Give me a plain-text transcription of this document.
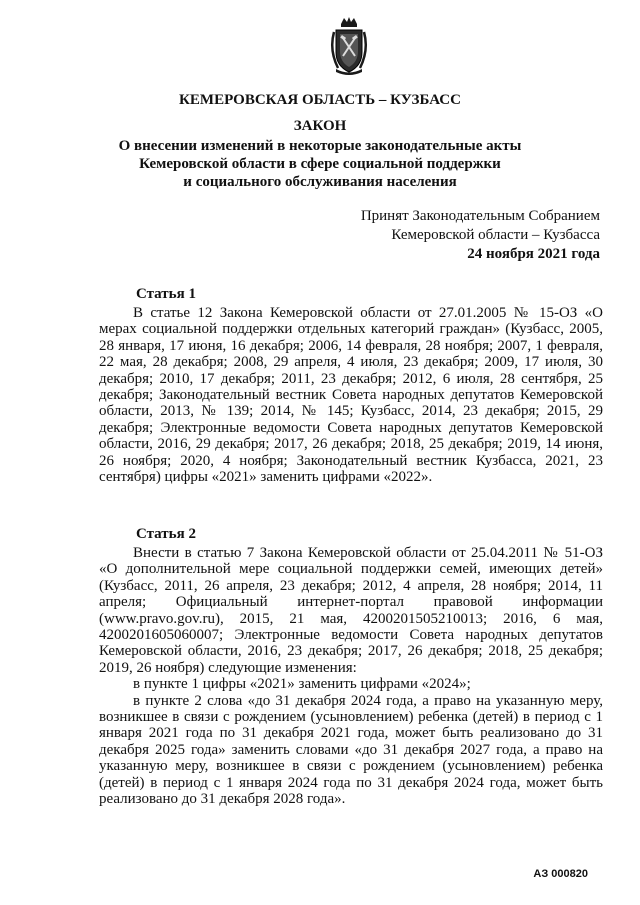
КЕМЕРОВСКАЯ ОБЛАСТЬ – КУЗБАСС
ЗАКОН
О внесении изменений в некоторые законодательные акты
Кемеровской области в сфере социальной поддержки
и социального обслуживания населения
Принят Законодательным Собранием
Кемеровской области – Кузбасса
24 ноября 2021 года
Статья 1

В статье 12 Закона Кемеровской области от 27.01.2005 № 15-ОЗ «О мерах социальной поддержки отдельных категорий граждан» (Кузбасс, 2005, 28 января, 17 июня, 16 декабря; 2006, 14 февраля, 28 ноября; 2007, 1 февраля, 22 мая, 28 декабря; 2008, 29 апреля, 4 июля, 23 декабря; 2009, 17 июля, 30 декабря; 2010, 17 декабря; 2011, 23 декабря; 2012, 6 июля, 28 сентября, 25 декабря; Законодательный вестник Совета народных депутатов Кемеровской области, 2013, № 139; 2014, № 145; Кузбасс, 2014, 23 декабря; 2015, 29 декабря; Электронные ведомости Совета народных депутатов Кемеровской области, 2016, 29 декабря; 2017, 26 декабря; 2018, 25 декабря; 2019, 14 июня, 26 ноября; 2020, 4 ноября; Законодательный вестник Кузбасса, 2021, 23 сентября) цифры «2021» заменить цифрами «2022».

Статья 2

Внести в статью 7 Закона Кемеровской области от 25.04.2011 № 51-ОЗ «О дополнительной мере социальной поддержки семей, имеющих детей» (Кузбасс, 2011, 26 апреля, 23 декабря; 2012, 4 апреля, 28 ноября; 2014, 11 апреля; Официальный интернет-портал правовой информации (www.pravo.gov.ru), 2015, 21 мая, 4200201505210013; 2016, 6 мая, 4200201605060007; Электронные ведомости Совета народных депутатов Кемеровской области, 2016, 23 декабря; 2017, 26 декабря; 2018, 25 декабря; 2019, 26 ноября) следующие изменения:

в пункте 1 цифры «2021» заменить цифрами «2024»;

в пункте 2 слова «до 31 декабря 2024 года, а право на указанную меру, возникшее в связи с рождением (усыновлением) ребенка (детей) в период с 1 января 2021 года по 31 декабря 2021 года, может быть реализовано до 31 декабря 2025 года» заменить словами «до 31 декабря 2027 года, а право на указанную меру, возникшее в связи с рождением (усыновлением) ребенка (детей) в период с 1 января 2024 года по 31 декабря 2024 года, может быть реализовано до 31 декабря 2028 года».

АЗ 000820
